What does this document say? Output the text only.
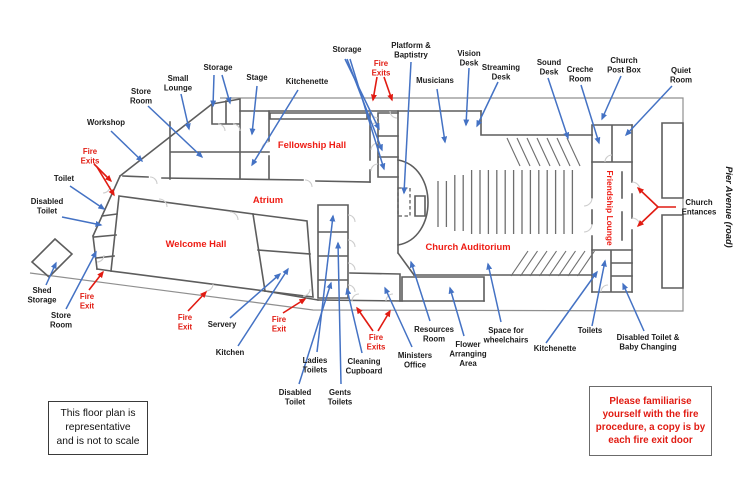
Storage
Small Lounge
Store Room
Workshop
Stage Kitchenette
Toilet
Disabled Toilet
Shed Storage
Store Room
Storage	Platform & Baptistry
Musicians
Vision Desk Streaming Desk
Sound Desk	Creche Room
Church Post Box	Quiet Room
Church Entances
Servery
Kitchen
Disabled Toilet
Ladies Toilets
Gents Toilets
Cleaning Cupboard
Ministers Office
Resources Room
Flower Arranging Area
Space for wheelchairs
Kitchenette
Toilets
Disabled Toilet & Baby Changing
Fire Exits
Fire Exit
Fire Exit
Fire Exit
Fire Exits
Fire Exits
Fellowship Hall
Atrium
Welcome Hall	Church Auditorium
Friendship Lounge	Pier Avenue (road)
This floor plan is
representative
and is not to scale
Please familiarise
yourself with the fire
procedure, a copy is by
each fire exit door
